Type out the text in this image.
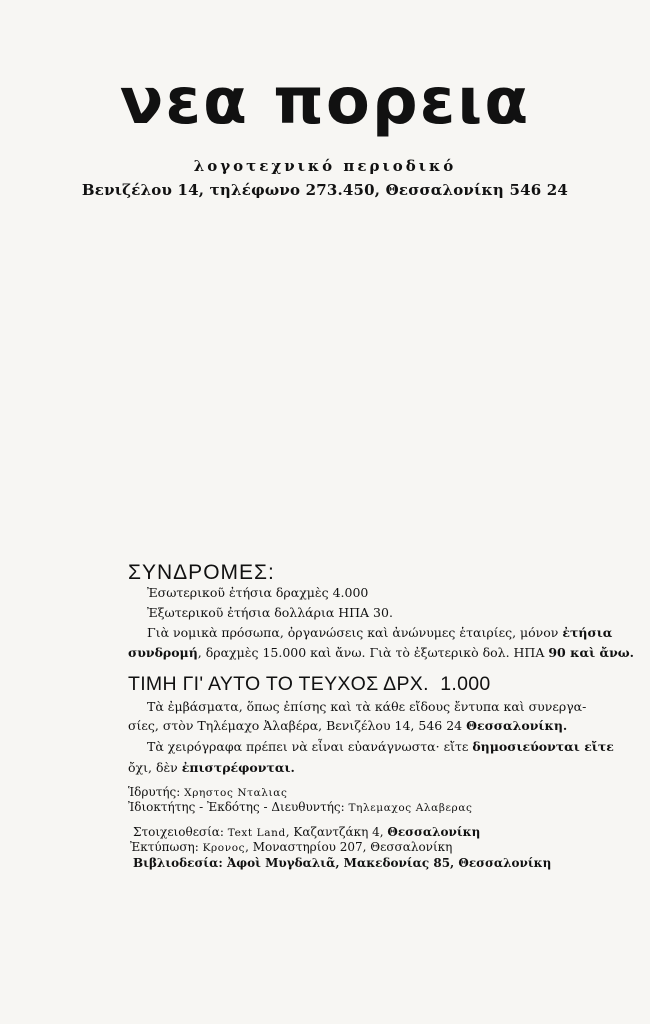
νεα πορεια
λογοτεχνικό περιοδικό
Βενιζέλου 14, τηλέφωνο 273.450, Θεσσαλονίκη 546 24
ΣΥΝΔΡΟΜΕΣ:
Ἐσωτερικοῦ ἐτήσια δραχμὲς 4.000
Ἐξωτερικοῦ ἐτήσια δολλάρια ΗΠΑ 30.
Γιὰ νομικὰ πρόσωπα, ὀργανώσεις καὶ ἀνώνυμες ἑταιρίες, μόνον ἐτήσια
συνδρομή, δραχμὲς 15.000 καὶ ἄνω. Γιὰ τὸ ἐξωτερικὸ δολ. ΗΠΑ 90 καὶ ἄνω.
ΤΙΜΗ ΓΙ' ΑΥΤΟ ΤΟ ΤΕΥΧΟΣ ΔΡΧ. 1.000
Τὰ ἐμβάσματα, ὅπως ἐπίσης καὶ τὰ κάθε εἴδους ἔντυπα καὶ συνεργα-
σίες, στὸν Τηλέμαχο Ἀλαβέρα, Βενιζέλου 14, 546 24 Θεσσαλονίκη.
Τὰ χειρόγραφα πρέπει νὰ εἶναι εὐανάγνωστα· εἴτε δημοσιεύονται εἴτε
ὄχι, δὲν ἐπιστρέφονται.
Ἱδρυτής: Χρηστος Νταλιας
Ἰδιοκτήτης - Ἐκδότης - Διευθυντής: Τηλεμαχος Αλαβερας
Στοιχειοθεσία: Text Land, Καζαντζάκη 4, Θεσσαλονίκη
Ἐκτύπωση: Κρονος, Μοναστηρίου 207, Θεσσαλονίκη
Βιβλιοδεσία: Ἀφοὶ Μυγδαλιᾶ, Μακεδονίας 85, Θεσσαλονίκη
